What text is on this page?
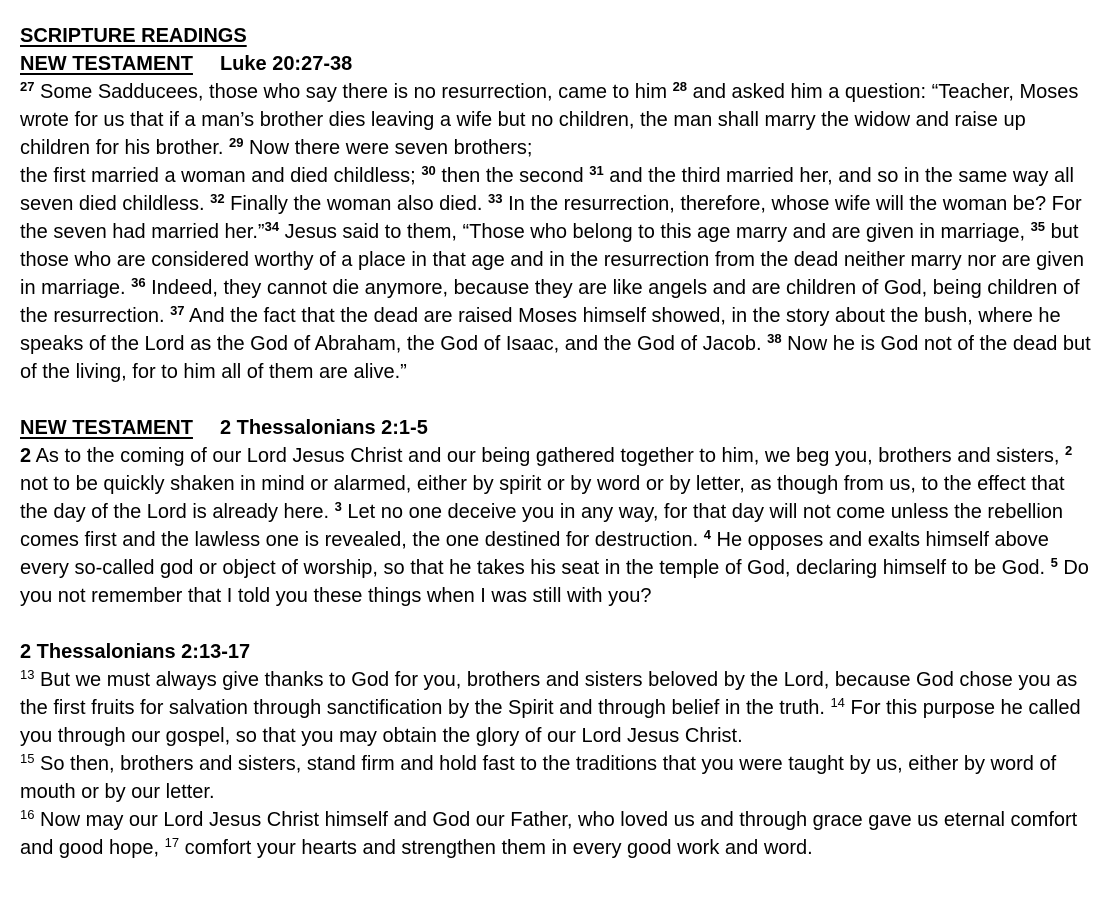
SCRIPTURE READINGS
NEW TESTAMENT Luke 20:27-38

$^{27}$ Some Sadducees, those who say there is no resurrection, came to him $^{28}$ and asked him a question: “Teacher, Moses wrote for us that if a man’s brother dies leaving a wife but no children, the man shall marry the widow and raise up children for his brother. $^{29}$ Now there were seven brothers;

the first married a woman and died childless; $^{30}$ then the second $^{31}$ and the third married her, and so in the same way all seven died childless. $^{32}$ Finally the woman also died. $^{33}$ In the resurrection, therefore, whose wife will the woman be? For the seven had married her.”$^{34}$ Jesus said to them, “Those who belong to this age marry and are given in marriage, $^{35}$ but those who are considered worthy of a place in that age and in the resurrection from the dead neither marry nor are given in marriage. $^{36}$ Indeed, they cannot die anymore, because they are like angels and are children of God, being children of the resurrection. $^{37}$ And the fact that the dead are raised Moses himself showed, in the story about the bush, where he speaks of the Lord as the God of Abraham, the God of Isaac, and the God of Jacob. $^{38}$ Now he is God not of the dead but of the living, for to him all of them are alive.”

NEW TESTAMENT 2 Thessalonians 2:1-5

2 As to the coming of our Lord Jesus Christ and our being gathered together to him, we beg you, brothers and sisters, $^2$ not to be quickly shaken in mind or alarmed, either by spirit or by word or by letter, as though from us, to the effect that the day of the Lord is already here. $^3$ Let no one deceive you in any way, for that day will not come unless the rebellion comes first and the lawless one is revealed, the one destined for destruction. $^4$ He opposes and exalts himself above every so-called god or object of worship, so that he takes his seat in the temple of God, declaring himself to be God. $^5$ Do you not remember that I told you these things when I was still with you?

2 Thessalonians 2:13-17

$^{13}$ But we must always give thanks to God for you, brothers and sisters beloved by the Lord, because God chose you as the first fruits for salvation through sanctification by the Spirit and through belief in the truth. $^{14}$ For this purpose he called you through our gospel, so that you may obtain the glory of our Lord Jesus Christ.

$^{15}$ So then, brothers and sisters, stand firm and hold fast to the traditions that you were taught by us, either by word of mouth or by our letter.

$^{16}$ Now may our Lord Jesus Christ himself and God our Father, who loved us and through grace gave us eternal comfort and good hope, $^{17}$ comfort your hearts and strengthen them in every good work and word.
